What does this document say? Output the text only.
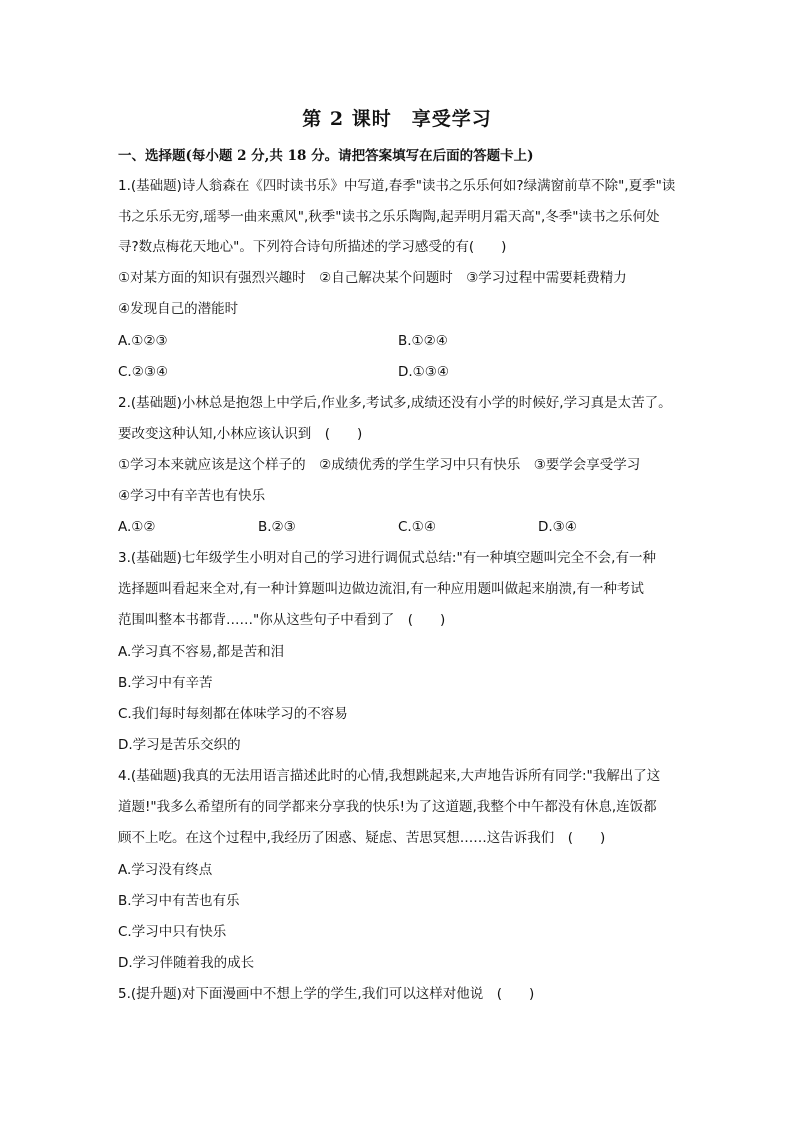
第 2 课时　享受学习
一、选择题(每小题 2 分,共 18 分。请把答案填写在后面的答题卡上)
1.(基础题)诗人翁森在《四时读书乐》中写道,春季"读书之乐乐何如?绿满窗前草不除",夏季"读
书之乐乐无穷,瑶琴一曲来熏风",秋季"读书之乐乐陶陶,起弄明月霜天高",冬季"读书之乐何处
寻?数点梅花天地心"。下列符合诗句所描述的学习感受的有(　　)
①对某方面的知识有强烈兴趣时　②自己解决某个问题时　③学习过程中需要耗费精力
④发现自己的潜能时
A.①②③	B.①②④
C.②③④	D.①③④
2.(基础题)小林总是抱怨上中学后,作业多,考试多,成绩还没有小学的时候好,学习真是太苦了。
要改变这种认知,小林应该认识到　(　　)
①学习本来就应该是这个样子的　②成绩优秀的学生学习中只有快乐　③要学会享受学习
④学习中有辛苦也有快乐
A.①②	B.②③	C.①④	D.③④
3.(基础题)七年级学生小明对自己的学习进行调侃式总结:"有一种填空题叫完全不会,有一种
选择题叫看起来全对,有一种计算题叫边做边流泪,有一种应用题叫做起来崩溃,有一种考试
范围叫整本书都背……"你从这些句子中看到了　(　　)
A.学习真不容易,都是苦和泪
B.学习中有辛苦
C.我们每时每刻都在体味学习的不容易
D.学习是苦乐交织的
4.(基础题)我真的无法用语言描述此时的心情,我想跳起来,大声地告诉所有同学:"我解出了这
道题!"我多么希望所有的同学都来分享我的快乐!为了这道题,我整个中午都没有休息,连饭都
顾不上吃。在这个过程中,我经历了困惑、疑虑、苦思冥想……这告诉我们　(　　)
A.学习没有终点
B.学习中有苦也有乐
C.学习中只有快乐
D.学习伴随着我的成长
5.(提升题)对下面漫画中不想上学的学生,我们可以这样对他说　(　　)
